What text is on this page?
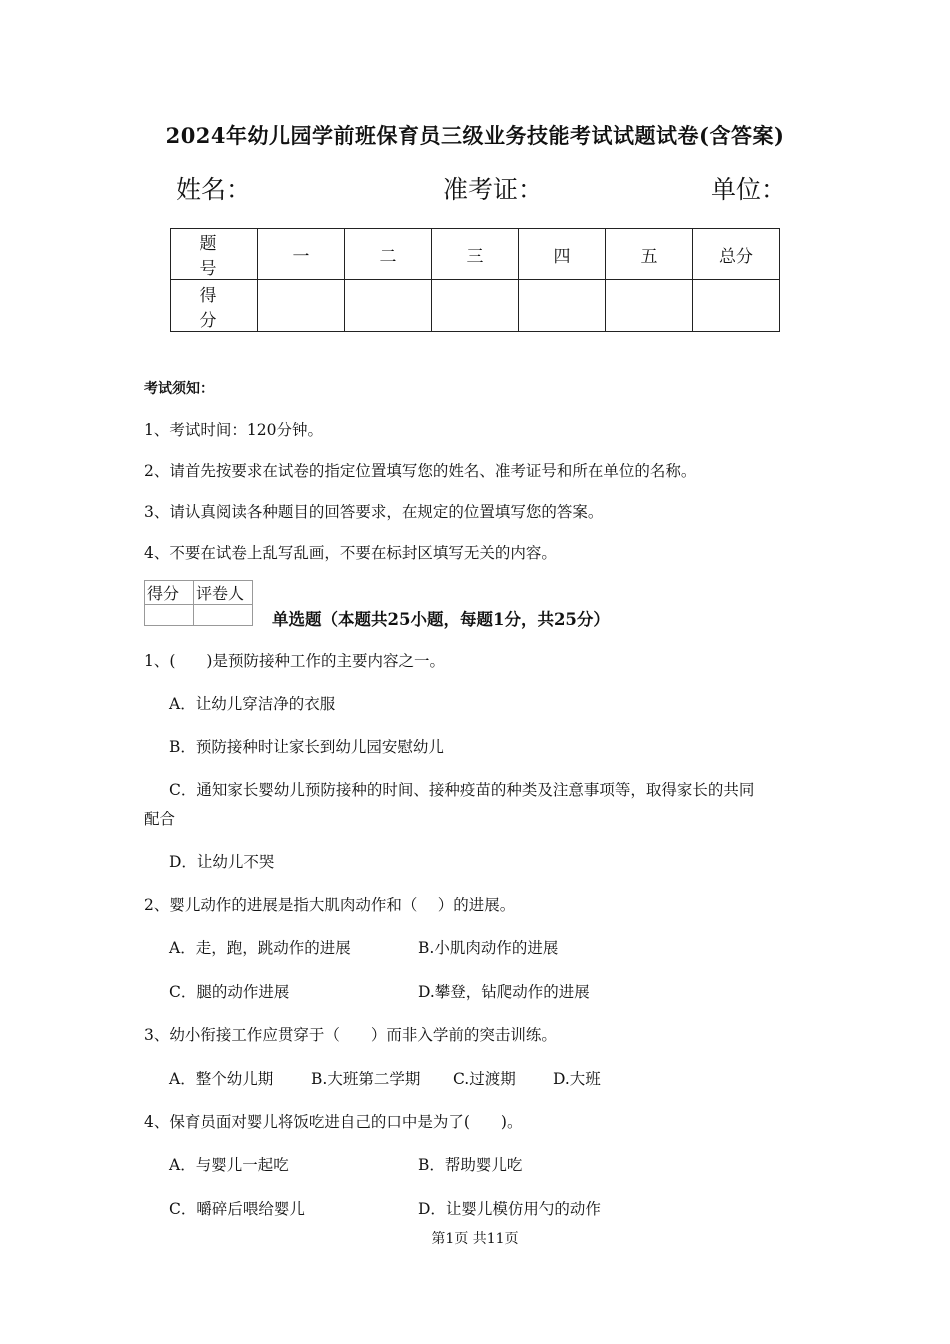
2024年幼儿园学前班保育员三级业务技能考试试题试卷(含答案)
姓名：	准考证：	单位：
题　号	一	二	三	四	五	总分
得　分						
考试须知：
1、考试时间：120分钟。
2、请首先按要求在试卷的指定位置填写您的姓名、准考证号和所在单位的名称。
3、请认真阅读各种题目的回答要求，在规定的位置填写您的答案。
4、不要在试卷上乱写乱画，不要在标封区填写无关的内容。
得分	评卷人

单选题（本题共25小题，每题1分，共25分）
1、(　　)是预防接种工作的主要内容之一。
A．让幼儿穿洁净的衣服
B．预防接种时让家长到幼儿园安慰幼儿
C．通知家长婴幼儿预防接种的时间、接种疫苗的种类及注意事项等，取得家长的共同
配合
D．让幼儿不哭
2、婴儿动作的进展是指大肌肉动作和（　 ）的进展。
A．走，跑，跳动作的进展	B.小肌肉动作的进展
C．腿的动作进展	D.攀登，钻爬动作的进展
3、幼小衔接工作应贯穿于（　　）而非入学前的突击训练。
A．整个幼儿期 B.大班第二学期 C.过渡期 D.大班
4、保育员面对婴儿将饭吃进自己的口中是为了(　　)。
A．与婴儿一起吃	B．帮助婴儿吃
C．嚼碎后喂给婴儿	D．让婴儿模仿用勺的动作
第1页 共11页
